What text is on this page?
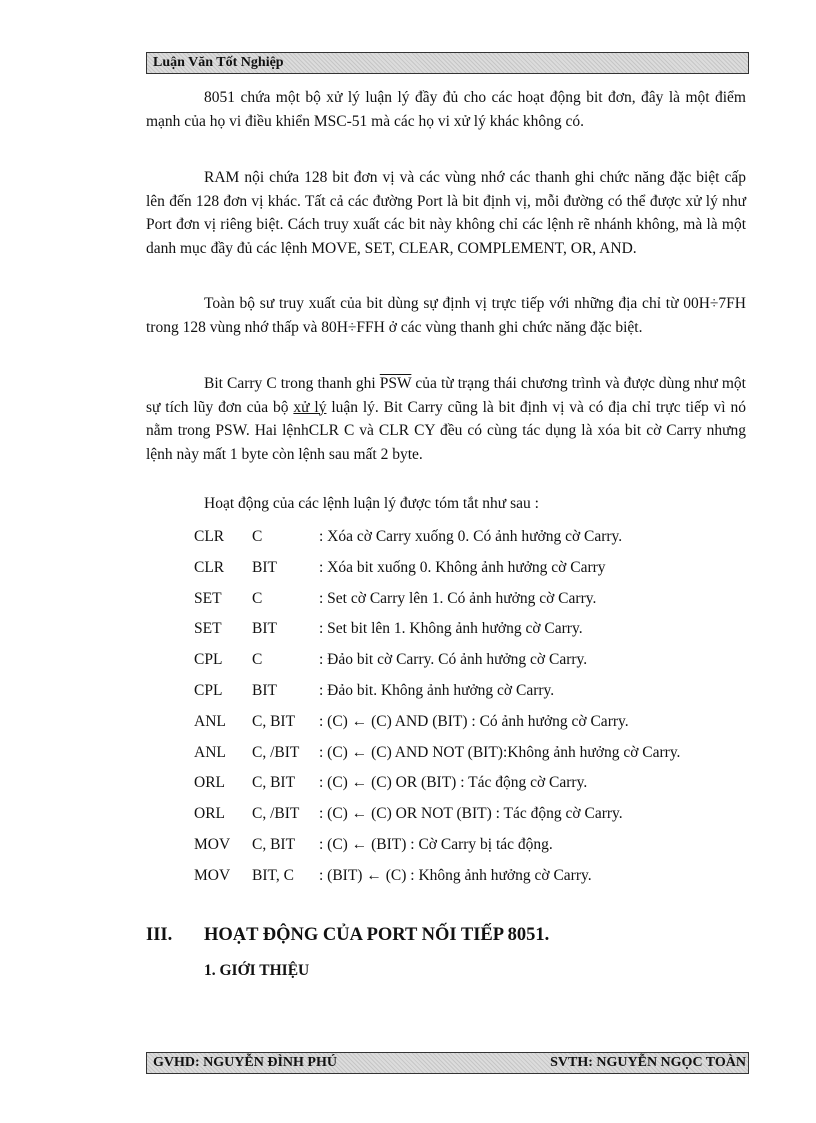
Luận Văn Tốt Nghiệp

8051 chứa một bộ xử lý luận lý đầy đủ cho các hoạt động bit đơn, đây là một điểm mạnh của họ vi điều khiển MSC-51 mà các họ vi xử lý khác không có.

RAM nội chứa 128 bit đơn vị và các vùng nhớ các thanh ghi chức năng đặc biệt cấp lên đến 128 đơn vị khác. Tất cả các đường Port là bit định vị, mỗi đường có thể được xử lý như Port đơn vị riêng biệt. Cách truy xuất các bit này không chỉ các lệnh rẽ nhánh không, mà là một danh mục đầy đủ các lệnh MOVE, SET, CLEAR, COMPLEMENT, OR, AND.

Toàn bộ sư truy xuất của bit dùng sự định vị trực tiếp với những địa chỉ từ 00H÷7FH trong 128 vùng nhớ thấp và 80H÷FFH ở các vùng thanh ghi chức năng đặc biệt.

Bit Carry C trong thanh ghi $\overline{PSW}$ của từ trạng thái chương trình và được dùng như một sự tích lũy đơn của bộ xử lý luận lý. Bit Carry cũng là bit định vị và có địa chỉ trực tiếp vì nó nằm trong PSW. Hai lệnhCLR C và CLR CY đều có cùng tác dụng là xóa bit cờ Carry nhưng lệnh này mất 1 byte còn lệnh sau mất 2 byte.

Hoạt động của các lệnh luận lý được tóm tắt như sau :

CLR C	: Xóa cờ Carry xuống 0. Có ảnh hưởng cờ Carry.
CLR BIT	: Xóa bit xuống 0. Không ảnh hưởng cờ Carry
SET C	: Set cờ Carry lên 1. Có ảnh hưởng cờ Carry.
SET BIT	: Set bit lên 1. Không ảnh hưởng cờ Carry.
CPL C	: Đảo bit cờ Carry. Có ảnh hưởng cờ Carry.
CPL BIT	: Đảo bit. Không ảnh hưởng cờ Carry.
ANL C, BIT : (C) ← (C) AND (BIT) : Có ảnh hưởng cờ Carry.
ANL C, /BIT : (C) ← (C) AND NOT (BIT):Không ảnh hưởng cờ Carry.
ORL C, BIT : (C) ← (C) OR (BIT) : Tác động cờ Carry.
ORL C, /BIT : (C) ← (C) OR NOT (BIT) : Tác động cờ Carry.
MOV C, BIT : (C) ← (BIT) : Cờ Carry bị tác động.
MOV BIT, C : (BIT) ← (C) : Không ảnh hưởng cờ Carry.
III. HOẠT ĐỘNG CỦA PORT NỐI TIẾP 8051.
1. GIỚI THIỆU
GVHD: NGUYỄN ĐÌNH PHÚ	SVTH: NGUYỄN NGỌC TOÀN
